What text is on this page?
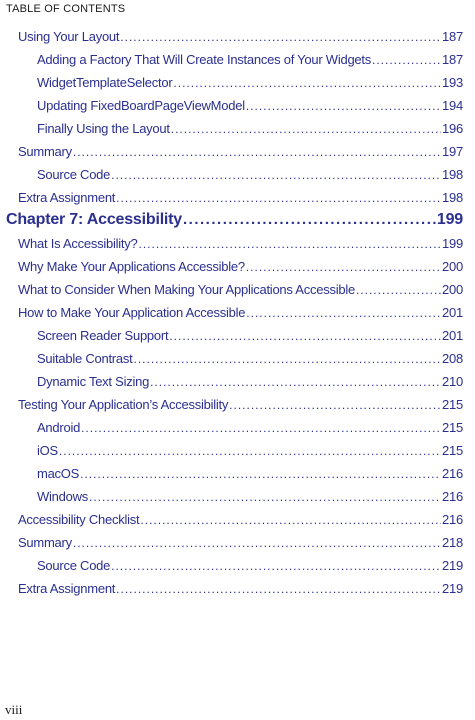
TABLE OF CONTENTS
Using Your Layout .....	187
Adding a Factory That Will Create Instances of Your Widgets .....	187
WidgetTemplateSelector .....	193
Updating FixedBoardPageViewModel .....	194
Finally Using the Layout .....	196
Summary .....	197
Source Code .....	198
Extra Assignment .....	198
Chapter 7: Accessibility .....	199
What Is Accessibility? .....	199
Why Make Your Applications Accessible? .....	200
What to Consider When Making Your Applications Accessible .....	200
How to Make Your Application Accessible .....	201
Screen Reader Support .....	201
Suitable Contrast .....	208
Dynamic Text Sizing .....	210
Testing Your Application’s Accessibility .....	215
Android .....	215
iOS .....	215
macOS .....	216
Windows .....	216
Accessibility Checklist .....	216
Summary .....	218
Source Code .....	219
Extra Assignment .....	219
viii
